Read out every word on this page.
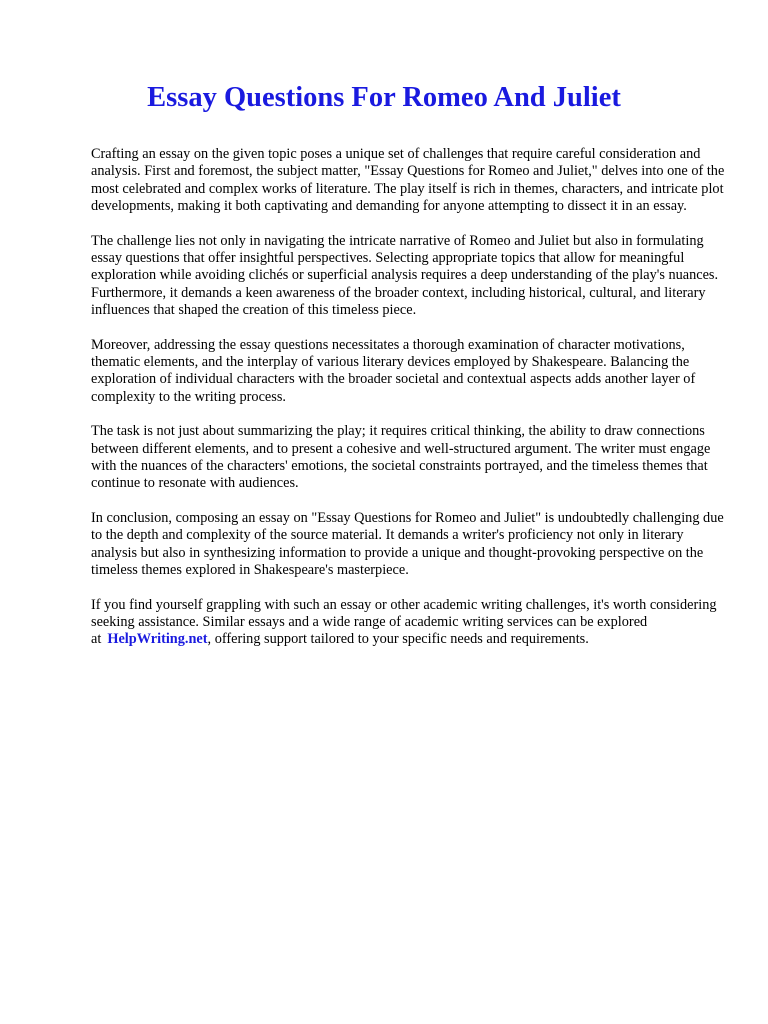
Essay Questions For Romeo And Juliet

Crafting an essay on the given topic poses a unique set of challenges that require careful consideration and analysis. First and foremost, the subject matter, "Essay Questions for Romeo and Juliet," delves into one of the most celebrated and complex works of literature. The play itself is rich in themes, characters, and intricate plot developments, making it both captivating and demanding for anyone attempting to dissect it in an essay.

The challenge lies not only in navigating the intricate narrative of Romeo and Juliet but also in formulating essay questions that offer insightful perspectives. Selecting appropriate topics that allow for meaningful exploration while avoiding clichés or superficial analysis requires a deep understanding of the play's nuances. Furthermore, it demands a keen awareness of the broader context, including historical, cultural, and literary influences that shaped the creation of this timeless piece.

Moreover, addressing the essay questions necessitates a thorough examination of character motivations, thematic elements, and the interplay of various literary devices employed by Shakespeare. Balancing the exploration of individual characters with the broader societal and contextual aspects adds another layer of complexity to the writing process.

The task is not just about summarizing the play; it requires critical thinking, the ability to draw connections between different elements, and to present a cohesive and well-structured argument. The writer must engage with the nuances of the characters' emotions, the societal constraints portrayed, and the timeless themes that continue to resonate with audiences.

In conclusion, composing an essay on "Essay Questions for Romeo and Juliet" is undoubtedly challenging due to the depth and complexity of the source material. It demands a writer's proficiency not only in literary analysis but also in synthesizing information to provide a unique and thought-provoking perspective on the timeless themes explored in Shakespeare's masterpiece.

If you find yourself grappling with such an essay or other academic writing challenges, it's worth considering seeking assistance. Similar essays and a wide range of academic writing services can be explored at HelpWriting.net, offering support tailored to your specific needs and requirements.
